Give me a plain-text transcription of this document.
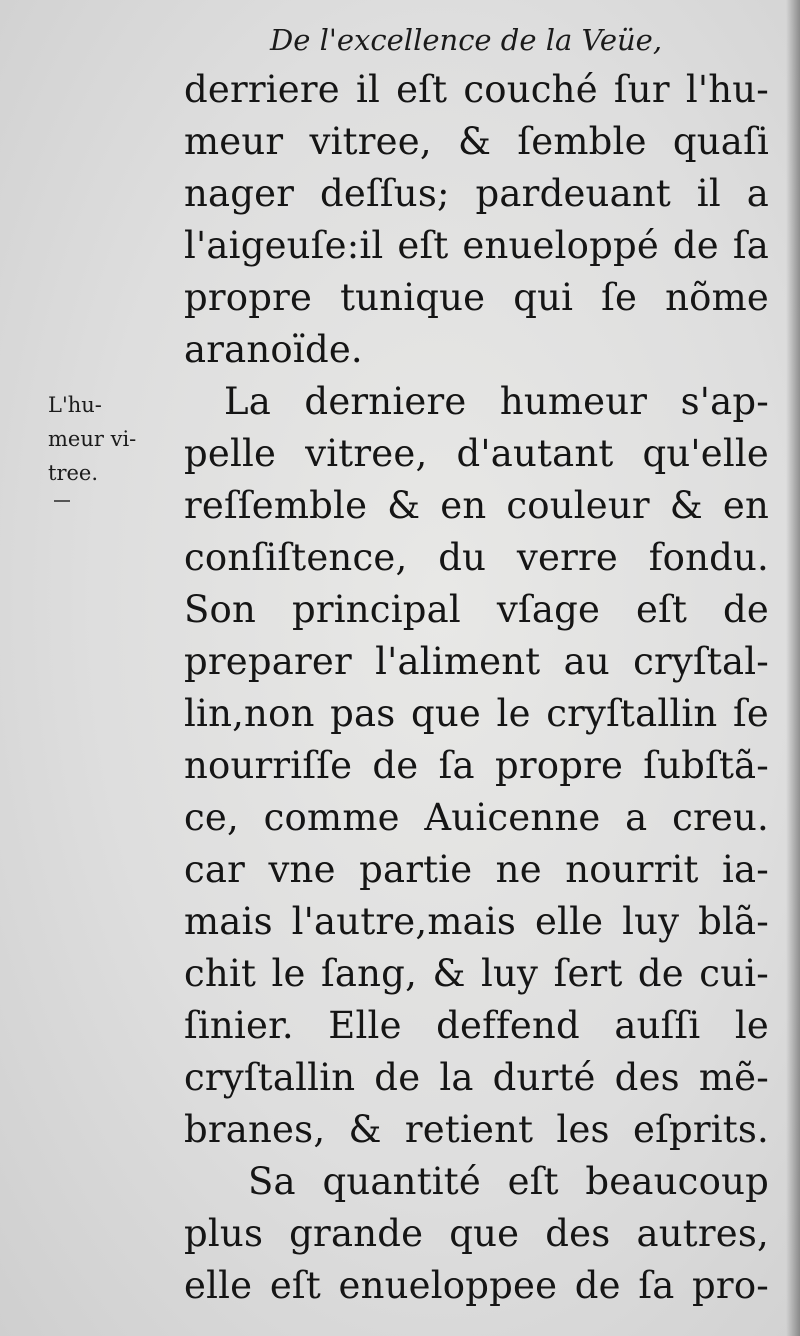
De l'excellence de la Veüe,
L'hu-
meur vi-
tree.
derriere il eſt couché ſur l'hu-
meur vitree, & ſemble quaſi
nager deſſus; pardeuant il a
l'aigeuſe:il eſt enueloppé de ſa
propre tunique qui ſe nõme
aranoïde.
La derniere humeur s'ap-
pelle vitree, d'autant qu'elle
reſſemble & en couleur & en
conſiſtence, du verre fondu.
Son principal vſage eſt de
preparer l'aliment au cryſtal-
lin,non pas que le cryſtallin ſe
nourriſſe de ſa propre ſubſtã-
ce, comme Auicenne a creu.
car vne partie ne nourrit ia-
mais l'autre,mais elle luy blã-
chit le ſang, & luy ſert de cui-
ſinier. Elle deffend auſſi le
cryſtallin de la durté des mẽ-
branes, & retient les eſprits.
Sa quantité eſt beaucoup
plus grande que des autres,
elle eſt enueloppee de ſa pro-
